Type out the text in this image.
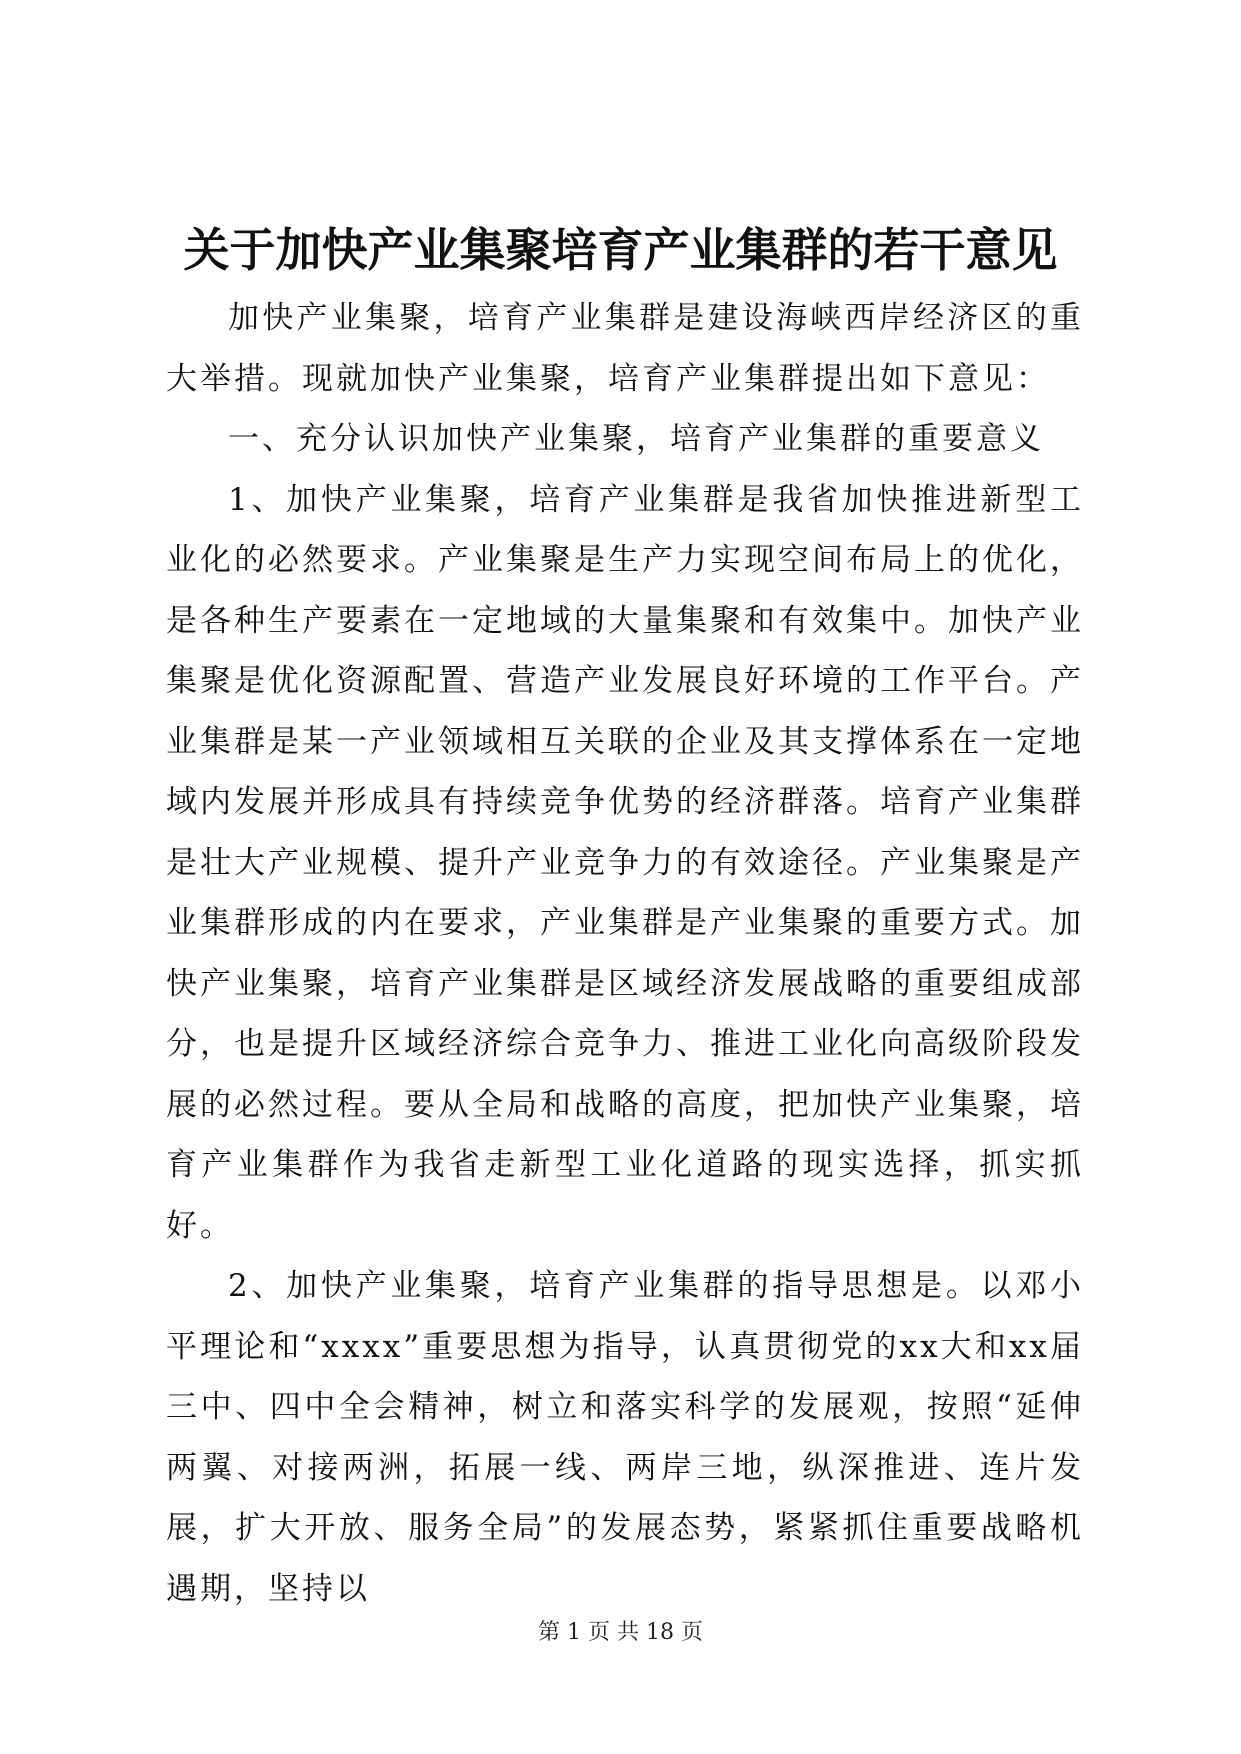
关于加快产业集聚培育产业集群的若干意见

加快产业集聚，培育产业集群是建设海峡西岸经济区的重大举措。现就加快产业集聚，培育产业集群提出如下意见：

一、充分认识加快产业集聚，培育产业集群的重要意义

1、加快产业集聚，培育产业集群是我省加快推进新型工业化的必然要求。产业集聚是生产力实现空间布局上的优化，是各种生产要素在一定地域的大量集聚和有效集中。加快产业集聚是优化资源配置、营造产业发展良好环境的工作平台。产业集群是某一产业领域相互关联的企业及其支撑体系在一定地域内发展并形成具有持续竞争优势的经济群落。培育产业集群是壮大产业规模、提升产业竞争力的有效途径。产业集聚是产业集群形成的内在要求，产业集群是产业集聚的重要方式。加快产业集聚，培育产业集群是区域经济发展战略的重要组成部分，也是提升区域经济综合竞争力、推进工业化向高级阶段发展的必然过程。要从全局和战略的高度，把加快产业集聚，培育产业集群作为我省走新型工业化道路的现实选择，抓实抓好。

2、加快产业集聚，培育产业集群的指导思想是。以邓小平理论和“xxxx”重要思想为指导，认真贯彻党的xx大和xx届三中、四中全会精神，树立和落实科学的发展观，按照“延伸两翼、对接两洲，拓展一线、两岸三地，纵深推进、连片发展，扩大开放、服务全局”的发展态势，紧紧抓住重要战略机遇期，坚持以

第 1 页 共 18 页
